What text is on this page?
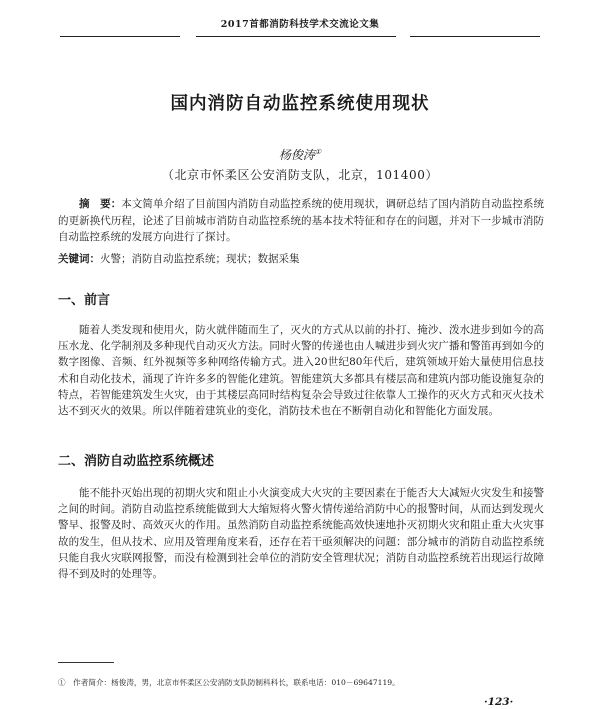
2017首都消防科技学术交流论文集
国内消防自动监控系统使用现状
杨俊涛①
（北京市怀柔区公安消防支队，北京，101400）
摘　要：本文简单介绍了目前国内消防自动监控系统的使用现状，调研总结了国内消防自动监控系统的更新换代历程，论述了目前城市消防自动监控系统的基本技术特征和存在的问题，并对下一步城市消防自动监控系统的发展方向进行了探讨。
关键词：火警；消防自动监控系统；现状；数据采集
一、前言
随着人类发现和使用火，防火就伴随而生了，灭火的方式从以前的扑打、掩沙、泼水进步到如今的高压水龙、化学制剂及多种现代自动灭火方法。同时火警的传递也由人喊进步到火灾广播和警笛再到如今的数字图像、音频、红外视频等多种网络传输方式。进入20世纪80年代后，建筑领域开始大量使用信息技术和自动化技术，涌现了许许多多的智能化建筑。智能建筑大多都具有楼层高和建筑内部功能设施复杂的特点，若智能建筑发生火灾，由于其楼层高同时结构复杂会导致过往依靠人工操作的灭火方式和灭火技术达不到灭火的效果。所以伴随着建筑业的变化，消防技术也在不断朝自动化和智能化方面发展。
二、消防自动监控系统概述
能不能扑灭始出现的初期火灾和阻止小火演变成大火灾的主要因素在于能否大大减短火灾发生和接警之间的时间。消防自动监控系统能做到大大缩短将火警火情传递给消防中心的报警时间，从而达到发现火警早、报警及时、高效灭火的作用。虽然消防自动监控系统能高效快速地扑灭初期火灾和阻止重大火灾事故的发生，但从技术、应用及管理角度来看，还存在若干亟须解决的问题：部分城市的消防自动监控系统只能自我火灾联网报警，而没有检测到社会单位的消防安全管理状况；消防自动监控系统若出现运行故障得不到及时的处理等。
①　作者简介：杨俊涛，男，北京市怀柔区公安消防支队防制科科长，联系电话：010－69647119。
·123·
